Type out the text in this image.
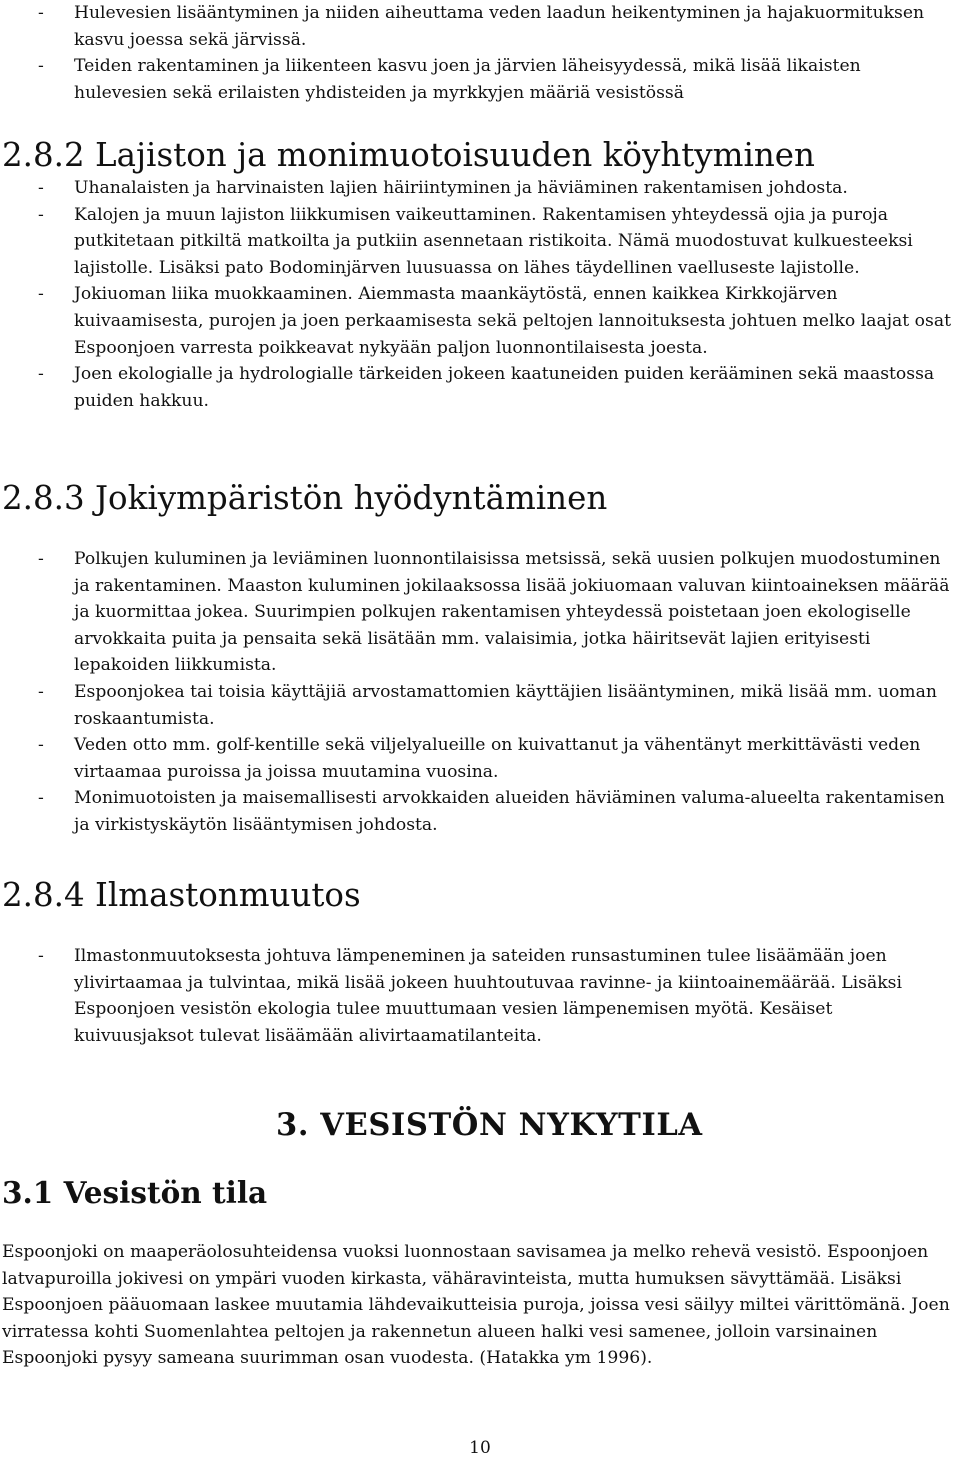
- Hulevesien lisääntyminen ja niiden aiheuttama veden laadun heikentyminen ja hajakuormituksen kasvu joessa sekä järvissä.
- Teiden rakentaminen ja liikenteen kasvu joen ja järvien läheisyydessä, mikä lisää likaisten hulevesien sekä erilaisten yhdisteiden ja myrkkyjen määriä vesistössä
2.8.2 Lajiston ja monimuotoisuuden köyhtyminen
- Uhanalaisten ja harvinaisten lajien häiriintyminen ja häviäminen rakentamisen johdosta.
- Kalojen ja muun lajiston liikkumisen vaikeuttaminen. Rakentamisen yhteydessä ojia ja puroja putkitetaan pitkiltä matkoilta ja putkiin asennetaan ristikoita. Nämä muodostuvat kulkuesteeksi lajistolle. Lisäksi pato Bodominjärven luusuassa on lähes täydellinen vaelluseste lajistolle.
- Jokiuoman liika muokkaaminen. Aiemmasta maankäytöstä, ennen kaikkea Kirkkojärven kuivaamisesta, purojen ja joen perkaamisesta sekä peltojen lannoituksesta johtuen melko laajat osat Espoonjoen varresta poikkeavat nykyään paljon luonnontilaisesta joesta.
- Joen ekologialle ja hydrologialle tärkeiden jokeen kaatuneiden puiden kerääminen sekä maastossa puiden hakkuu.
2.8.3 Jokiympäristön hyödyntäminen
- Polkujen kuluminen ja leviäminen luonnontilaisissa metsissä, sekä uusien polkujen muodostuminen ja rakentaminen. Maaston kuluminen jokilaaksossa lisää jokiuomaan valuvan kiintoaineksen määrää ja kuormittaa jokea. Suurimpien polkujen rakentamisen yhteydessä poistetaan joen ekologiselle arvokkaita puita ja pensaita sekä lisätään mm. valaisimia, jotka häiritsevät lajien erityisesti lepakoiden liikkumista.
- Espoonjokea tai toisia käyttäjiä arvostamattomien käyttäjien lisääntyminen, mikä lisää mm. uoman roskaantumista.
- Veden otto mm. golf-kentille sekä viljelyalueille on kuivattanut ja vähentänyt merkittävästi veden virtaamaa puroissa ja joissa muutamina vuosina.
- Monimuotoisten ja maisemallisesti arvokkaiden alueiden häviäminen valuma-alueelta rakentamisen ja virkistyskäytön lisääntymisen johdosta.
2.8.4 Ilmastonmuutos
- Ilmastonmuutoksesta johtuva lämpeneminen ja sateiden runsastuminen tulee lisäämään joen ylivirtaamaa ja tulvintaa, mikä lisää jokeen huuhtoutuvaa ravinne- ja kiintoainemäärää. Lisäksi Espoonjoen vesistön ekologia tulee muuttumaan vesien lämpenemisen myötä. Kesäiset kuivuusjaksot tulevat lisäämään alivirtaamatilanteita.
3. VESISTÖN NYKYTILA
3.1 Vesistön tila

Espoonjoki on maaperäolosuhteidensa vuoksi luonnostaan savisamea ja melko rehevä vesistö. Espoonjoen latvapuroilla jokivesi on ympäri vuoden kirkasta, vähäravinteista, mutta humuksen sävyttämää. Lisäksi Espoonjoen pääuomaan laskee muutamia lähdevaikutteisia puroja, joissa vesi säilyy miltei värittömänä. Joen virratessa kohti Suomenlahtea peltojen ja rakennetun alueen halki vesi samenee, jolloin varsinainen Espoonjoki pysyy sameana suurimman osan vuodesta. (Hatakka ym 1996).

10
